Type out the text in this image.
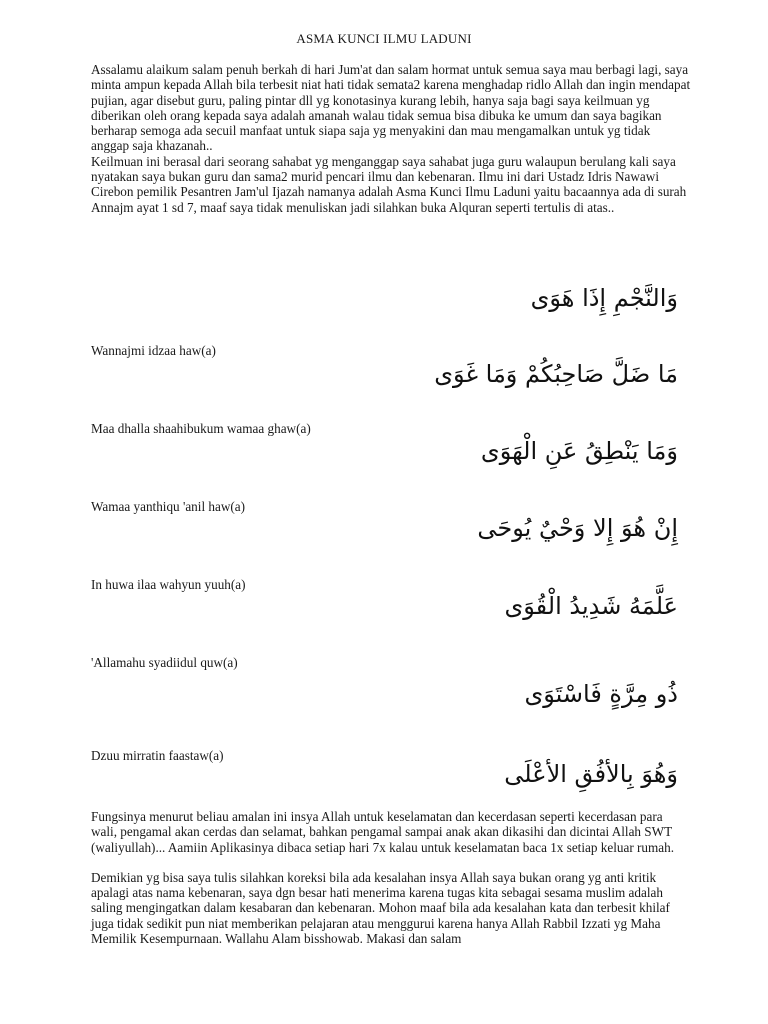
ASMA KUNCI ILMU LADUNI

Assalamu alaikum salam penuh berkah di hari Jum'at dan salam hormat untuk semua saya mau berbagi lagi, saya minta ampun kepada Allah bila terbesit niat hati tidak semata2 karena menghadap ridlo Allah dan ingin mendapat pujian, agar disebut guru, paling pintar dll yg konotasinya kurang lebih, hanya saja bagi saya keilmuan yg diberikan oleh orang kepada saya adalah amanah walau tidak semua bisa dibuka ke umum dan saya bagikan berharap semoga ada secuil manfaat untuk siapa saja yg menyakini dan mau mengamalkan untuk yg tidak anggap saja khazanah..

Keilmuan ini berasal dari seorang sahabat yg menganggap saya sahabat juga guru walaupun berulang kali saya nyatakan saya bukan guru dan sama2 murid pencari ilmu dan kebenaran. Ilmu ini dari Ustadz Idris Nawawi Cirebon pemilik Pesantren Jam'ul Ijazah namanya adalah Asma Kunci Ilmu Laduni yaitu bacaannya ada di surah Annajm ayat 1 sd 7, maaf saya tidak menuliskan jadi silahkan buka Alquran seperti tertulis di atas..

وَالنَّجْمِ إِذَا هَوَى
Wannajmi idzaa haw(a)
مَا ضَلَّ صَاحِبُكُمْ وَمَا غَوَى
Maa dhalla shaahibukum wamaa ghaw(a)
وَمَا يَنْطِقُ عَنِ الْهَوَى
Wamaa yanthiqu 'anil haw(a)
إِنْ هُوَ إِلا وَحْيٌ يُوحَى
In huwa ilaa wahyun yuuh(a)
عَلَّمَهُ شَدِيدُ الْقُوَى
'Allamahu syadiidul quw(a)
ذُو مِرَّةٍ فَاسْتَوَى
Dzuu mirratin faastaw(a)
وَهُوَ بِالأفُقِ الأعْلَى

Fungsinya menurut beliau amalan ini insya Allah untuk keselamatan dan kecerdasan seperti kecerdasan para wali, pengamal akan cerdas dan selamat, bahkan pengamal sampai anak akan dikasihi dan dicintai Allah SWT (waliyullah)... Aamiin Aplikasinya dibaca setiap hari 7x kalau untuk keselamatan baca 1x setiap keluar rumah.

Demikian yg bisa saya tulis silahkan koreksi bila ada kesalahan insya Allah saya bukan orang yg anti kritik apalagi atas nama kebenaran, saya dgn besar hati menerima karena tugas kita sebagai sesama muslim adalah saling mengingatkan dalam kesabaran dan kebenaran. Mohon maaf bila ada kesalahan kata dan terbesit khilaf juga tidak sedikit pun niat memberikan pelajaran atau menggurui karena hanya Allah Rabbil Izzati yg Maha Memilik Kesempurnaan. Wallahu Alam bisshowab. Makasi dan salam
